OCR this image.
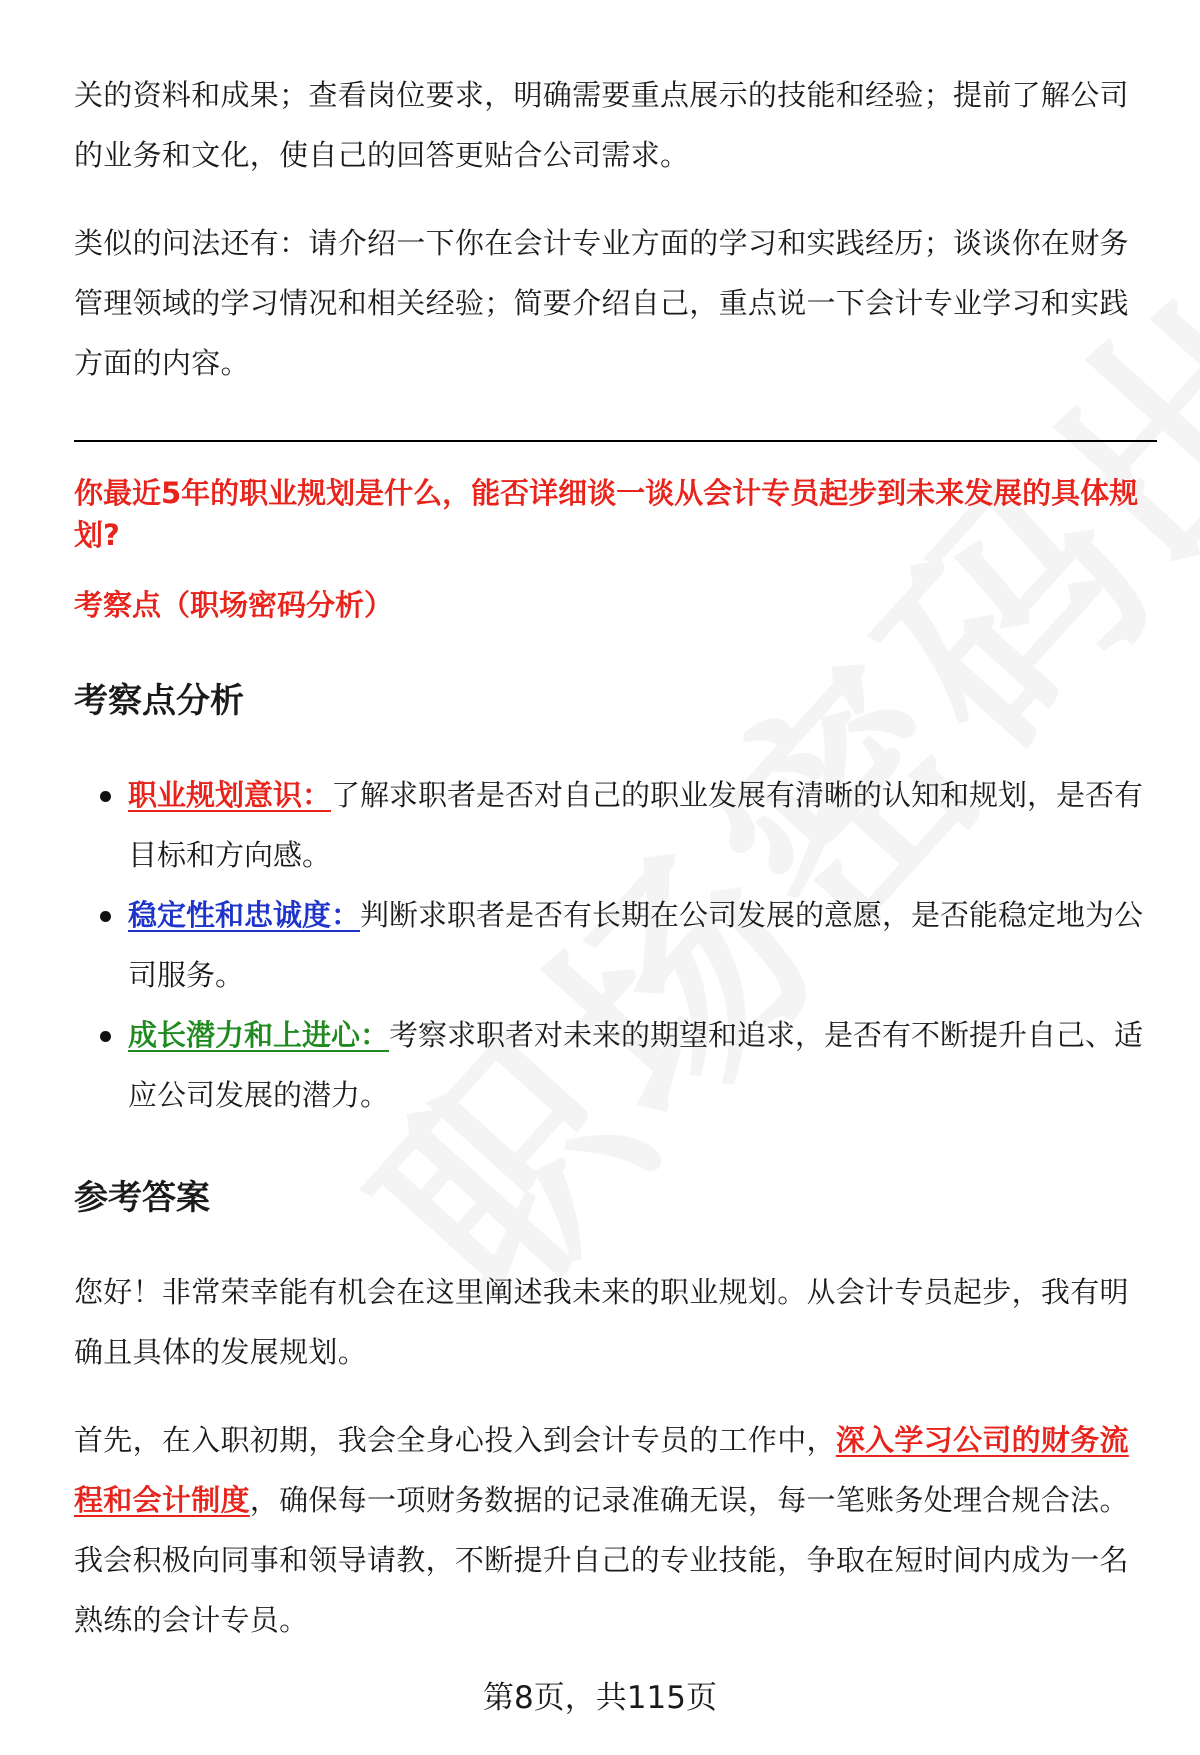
关的资料和成果；查看岗位要求，明确需要重点展示的技能和经验；提前了解公司的业务和文化，使自己的回答更贴合公司需求。

类似的问法还有：请介绍一下你在会计专业方面的学习和实践经历；谈谈你在财务管理领域的学习情况和相关经验；简要介绍自己，重点说一下会计专业学习和实践方面的内容。

你最近5年的职业规划是什么，能否详细谈一谈从会计专员起步到未来发展的具体规划?

考察点（职场密码分析）

考察点分析
职业规划意识：了解求职者是否对自己的职业发展有清晰的认知和规划，是否有目标和方向感。
稳定性和忠诚度：判断求职者是否有长期在公司发展的意愿，是否能稳定地为公司服务。
成长潜力和上进心：考察求职者对未来的期望和追求，是否有不断提升自己、适应公司发展的潜力。
参考答案

您好！非常荣幸能有机会在这里阐述我未来的职业规划。从会计专员起步，我有明确且具体的发展规划。

首先，在入职初期，我会全身心投入到会计专员的工作中，深入学习公司的财务流程和会计制度，确保每一项财务数据的记录准确无误，每一笔账务处理合规合法。我会积极向同事和领导请教，不断提升自己的专业技能，争取在短时间内成为一名熟练的会计专员。

第8页，共115页
